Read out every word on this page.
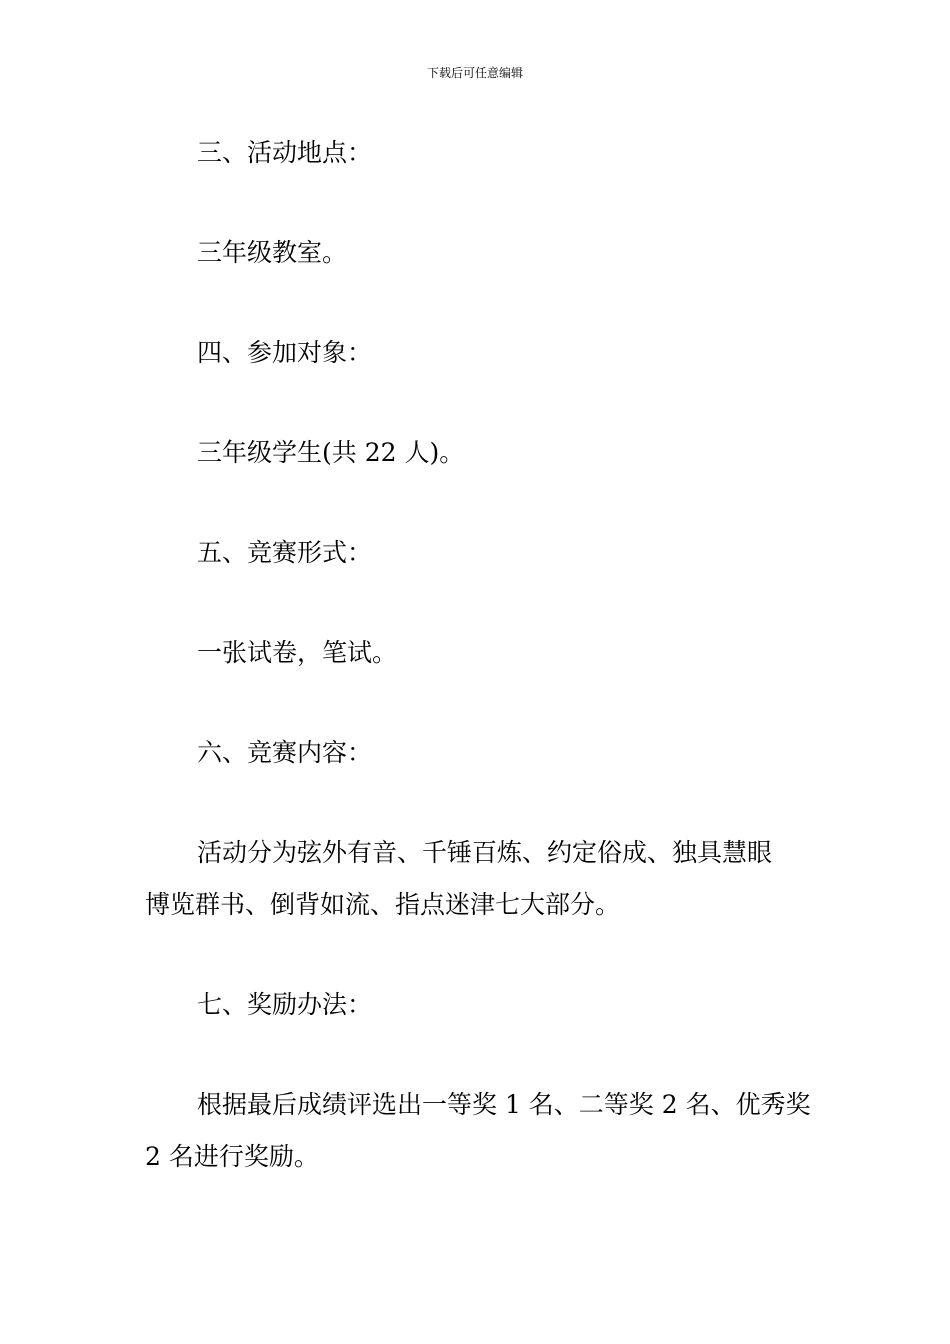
下载后可任意编辑
三、活动地点：
三年级教室。
四、参加对象：
三年级学生(共 22 人)。
五、竞赛形式：
一张试卷，笔试。
六、竞赛内容：
活动分为弦外有音、千锤百炼、约定俗成、独具慧眼
博览群书、倒背如流、指点迷津七大部分。
七、奖励办法：
根据最后成绩评选出一等奖 1 名、二等奖 2 名、优秀奖
2 名进行奖励。
